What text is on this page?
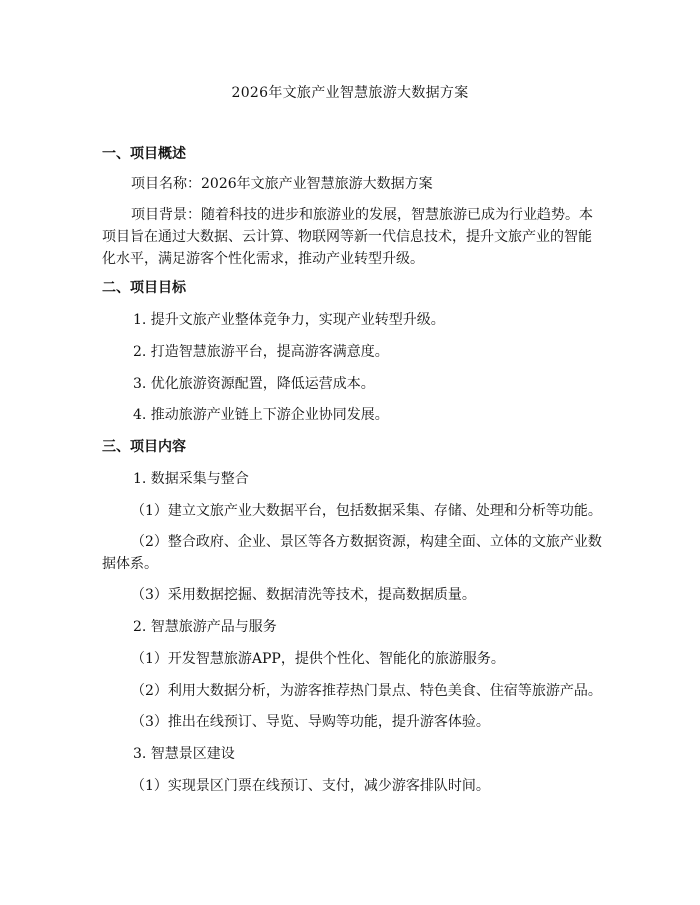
2026年文旅产业智慧旅游大数据方案
一、项目概述
项目名称：2026年文旅产业智慧旅游大数据方案
项目背景：随着科技的进步和旅游业的发展，智慧旅游已成为行业趋势。本项目旨在通过大数据、云计算、物联网等新一代信息技术，提升文旅产业的智能化水平，满足游客个性化需求，推动产业转型升级。
二、项目目标
1. 提升文旅产业整体竞争力，实现产业转型升级。
2. 打造智慧旅游平台，提高游客满意度。
3. 优化旅游资源配置，降低运营成本。
4. 推动旅游产业链上下游企业协同发展。
三、项目内容
1. 数据采集与整合
（1）建立文旅产业大数据平台，包括数据采集、存储、处理和分析等功能。
（2）整合政府、企业、景区等各方数据资源，构建全面、立体的文旅产业数据体系。
（3）采用数据挖掘、数据清洗等技术，提高数据质量。
2. 智慧旅游产品与服务
（1）开发智慧旅游APP，提供个性化、智能化的旅游服务。
（2）利用大数据分析，为游客推荐热门景点、特色美食、住宿等旅游产品。
（3）推出在线预订、导览、导购等功能，提升游客体验。
3. 智慧景区建设
（1）实现景区门票在线预订、支付，减少游客排队时间。
